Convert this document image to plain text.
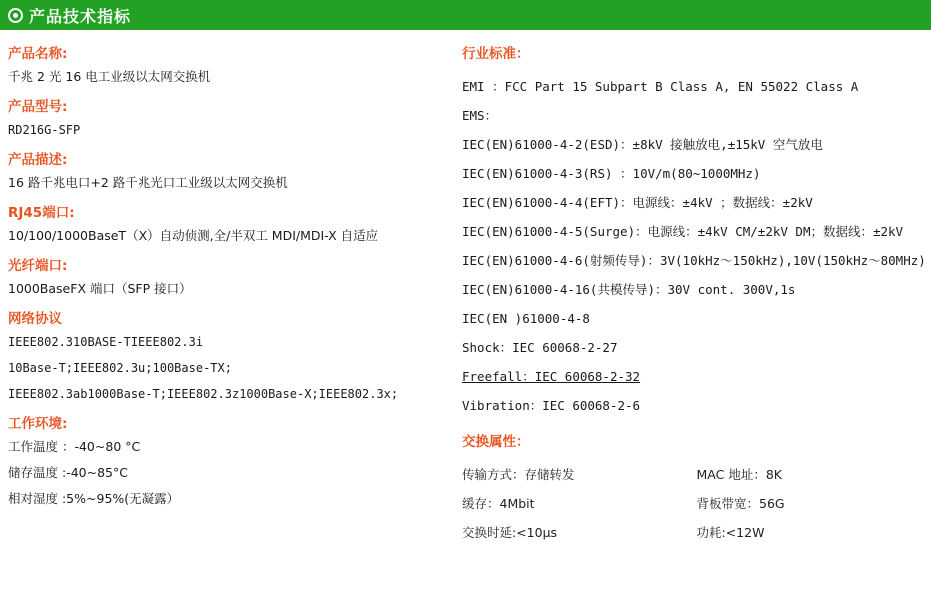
产品技术指标
产品名称:
千兆 2 光 16 电工业级以太网交换机
产品型号:
RD216G-SFP
产品描述:
16 路千兆电口+2 路千兆光口工业级以太网交换机
RJ45端口:
10/100/1000BaseT（X）自动侦测,全/半双工 MDI/MDI-X 自适应
光纤端口:
1000BaseFX 端口（SFP 接口）
网络协议
IEEE802.310BASE-TIEEE802.3i
10Base-T;IEEE802.3u;100Base-TX;
IEEE802.3ab1000Base-T;IEEE802.3z1000Base-X;IEEE802.3x;
工作环境:
工作温度 ：-40~80 °C
储存温度 :-40~85°C
相对湿度 :5%~95%(无凝露）
行业标准：
EMI ：FCC Part 15 Subpart B Class A, EN 55022 Class A
EMS：
IEC(EN)61000-4-2(ESD)：±8kV 接触放电,±15kV 空气放电
IEC(EN)61000-4-3(RS) ：10V/m(80~1000MHz)
IEC(EN)61000-4-4(EFT)：电源线：±4kV ；数据线：±2kV
IEC(EN)61000-4-5(Surge)：电源线：±4kV CM/±2kV DM；数据线：±2kV
IEC(EN)61000-4-6(射频传导)：3V(10kHz～150kHz),10V(150kHz～80MHz)
IEC(EN)61000-4-16(共模传导)：30V cont. 300V,1s
IEC(EN )61000-4-8
Shock：IEC 60068-2-27
Freefall：IEC 60068-2-32
Vibration：IEC 60068-2-6
交换属性：
传输方式：存储转发	MAC 地址：8K
缓存：4Mbit	背板带宽：56G
交换时延:<10μs	功耗:<12W
